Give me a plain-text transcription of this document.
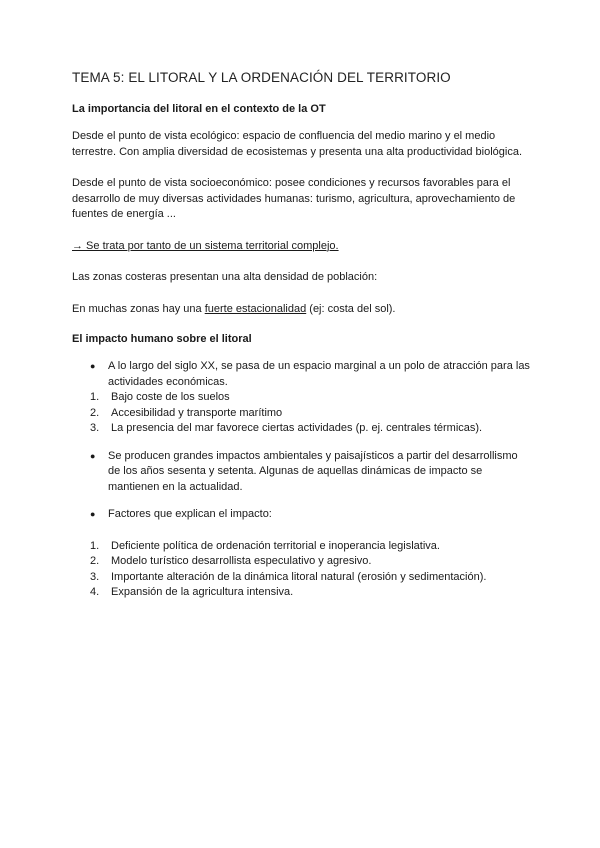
TEMA 5: EL LITORAL Y LA ORDENACIÓN DEL TERRITORIO

La importancia del litoral en el contexto de la OT

Desde el punto de vista ecológico: espacio de confluencia del medio marino y el medio terrestre. Con amplia diversidad de ecosistemas y presenta una alta productividad biológica.

Desde el punto de vista socioeconómico: posee condiciones y recursos favorables para el desarrollo de muy diversas actividades humanas: turismo, agricultura, aprovechamiento de fuentes de energía ...

→ Se trata por tanto de un sistema territorial complejo.

Las zonas costeras presentan una alta densidad de población:

En muchas zonas hay una fuerte estacionalidad (ej: costa del sol).

El impacto humano sobre el litoral

● A lo largo del siglo XX, se pasa de un espacio marginal a un polo de atracción para las actividades económicas.
1. Bajo coste de los suelos
2. Accesibilidad y transporte marítimo
3. La presencia del mar favorece ciertas actividades (p. ej. centrales térmicas).
● Se producen grandes impactos ambientales y paisajísticos a partir del desarrollismo de los años sesenta y setenta. Algunas de aquellas dinámicas de impacto se mantienen en la actualidad.
● Factores que explican el impacto:
1. Deficiente política de ordenación territorial e inoperancia legislativa.
2. Modelo turístico desarrollista especulativo y agresivo.
3. Importante alteración de la dinámica litoral natural (erosión y sedimentación).
4. Expansión de la agricultura intensiva.
